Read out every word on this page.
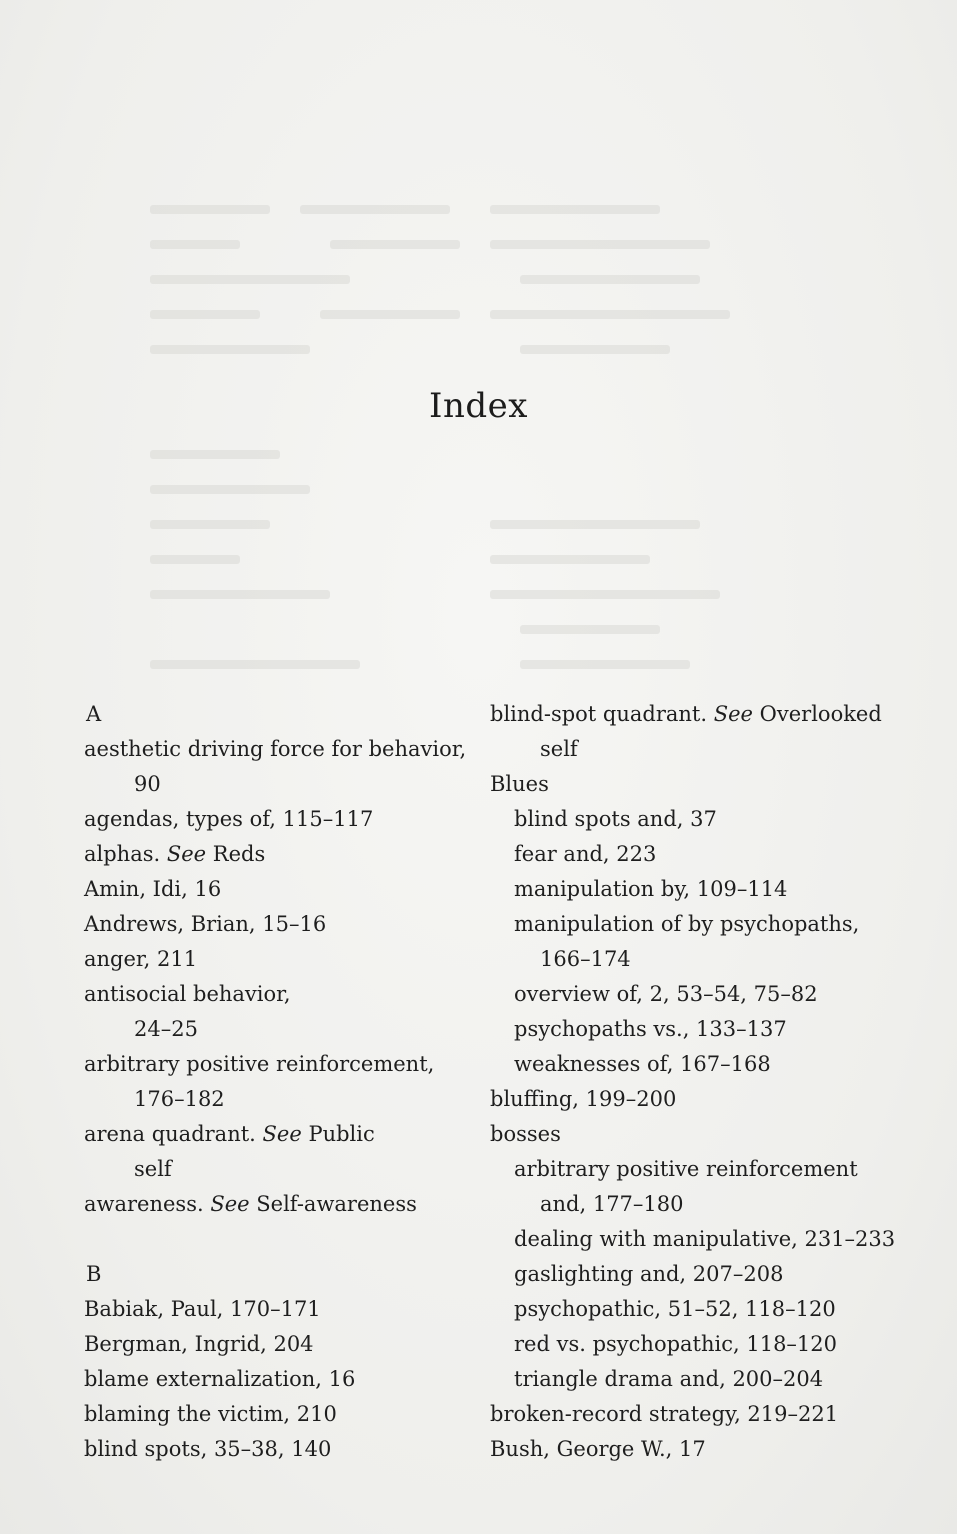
Index
A
aesthetic driving force for behavior,
90
agendas, types of, 115–117
alphas. See Reds
Amin, Idi, 16
Andrews, Brian, 15–16
anger, 211
antisocial behavior,
24–25
arbitrary positive reinforcement,
176–182
arena quadrant. See Public
self
awareness. See Self-awareness
B
Babiak, Paul, 170–171
Bergman, Ingrid, 204
blame externalization, 16
blaming the victim, 210
blind spots, 35–38, 140
blind-spot quadrant. See Overlooked
self
Blues
blind spots and, 37
fear and, 223
manipulation by, 109–114
manipulation of by psychopaths,
166–174
overview of, 2, 53–54, 75–82
psychopaths vs., 133–137
weaknesses of, 167–168
bluffing, 199–200
bosses
arbitrary positive reinforcement
and, 177–180
dealing with manipulative, 231–233
gaslighting and, 207–208
psychopathic, 51–52, 118–120
red vs. psychopathic, 118–120
triangle drama and, 200–204
broken-record strategy, 219–221
Bush, George W., 17
